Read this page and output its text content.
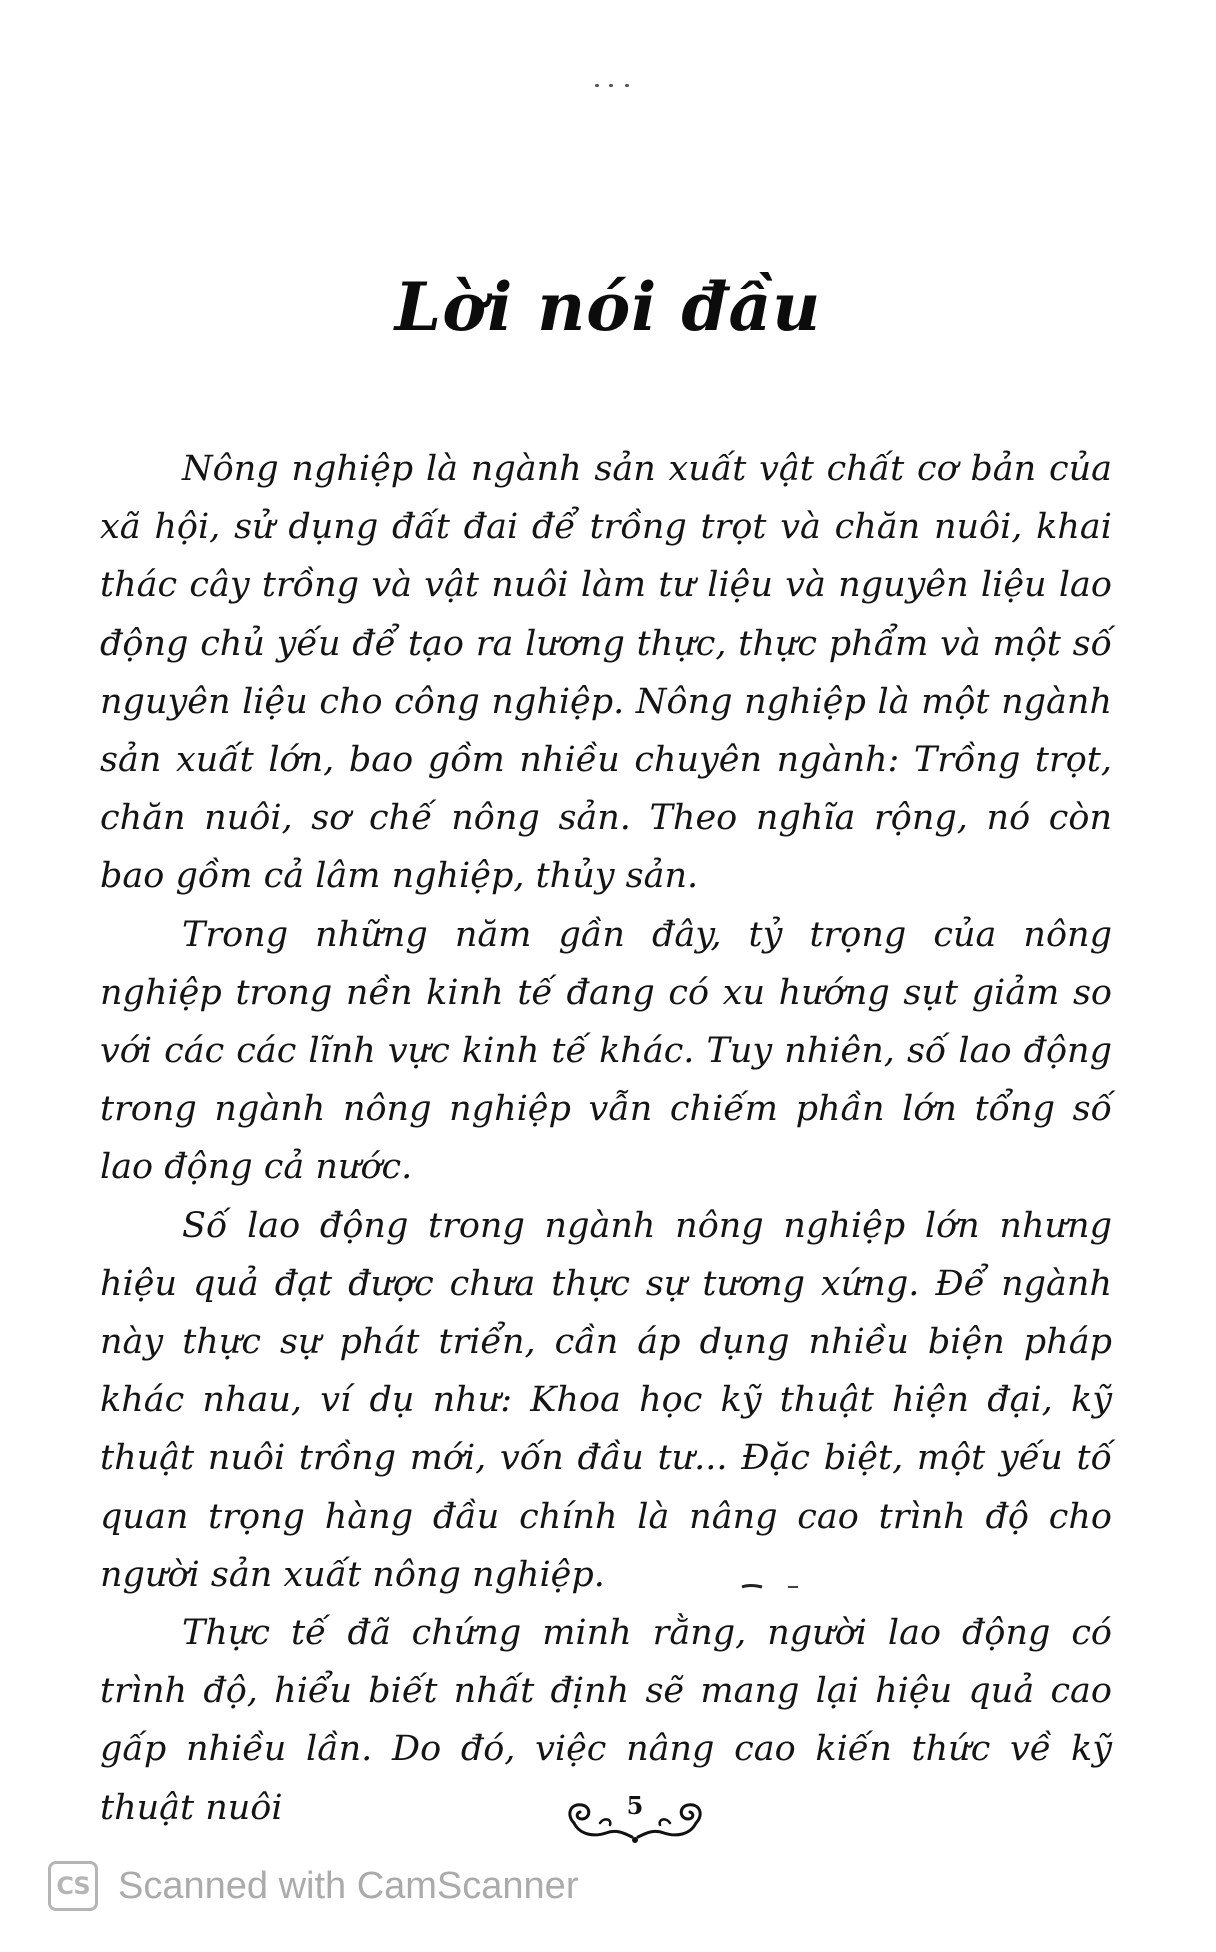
Lời nói đầu

Nông nghiệp là ngành sản xuất vật chất cơ bản của xã hội, sử dụng đất đai để trồng trọt và chăn nuôi, khai thác cây trồng và vật nuôi làm tư liệu và nguyên liệu lao động chủ yếu để tạo ra lương thực, thực phẩm và một số nguyên liệu cho công nghiệp. Nông nghiệp là một ngành sản xuất lớn, bao gồm nhiều chuyên ngành: Trồng trọt, chăn nuôi, sơ chế nông sản. Theo nghĩa rộng, nó còn bao gồm cả lâm nghiệp, thủy sản.

Trong những năm gần đây, tỷ trọng của nông nghiệp trong nền kinh tế đang có xu hướng sụt giảm so với các các lĩnh vực kinh tế khác. Tuy nhiên, số lao động trong ngành nông nghiệp vẫn chiếm phần lớn tổng số lao động cả nước.

Số lao động trong ngành nông nghiệp lớn nhưng hiệu quả đạt được chưa thực sự tương xứng. Để ngành này thực sự phát triển, cần áp dụng nhiều biện pháp khác nhau, ví dụ như: Khoa học kỹ thuật hiện đại, kỹ thuật nuôi trồng mới, vốn đầu tư... Đặc biệt, một yếu tố quan trọng hàng đầu chính là nâng cao trình độ cho người sản xuất nông nghiệp.

Thực tế đã chứng minh rằng, người lao động có trình độ, hiểu biết nhất định sẽ mang lại hiệu quả cao gấp nhiều lần. Do đó, việc nâng cao kiến thức về kỹ thuật nuôi	5
CS Scanned with CamScanner
